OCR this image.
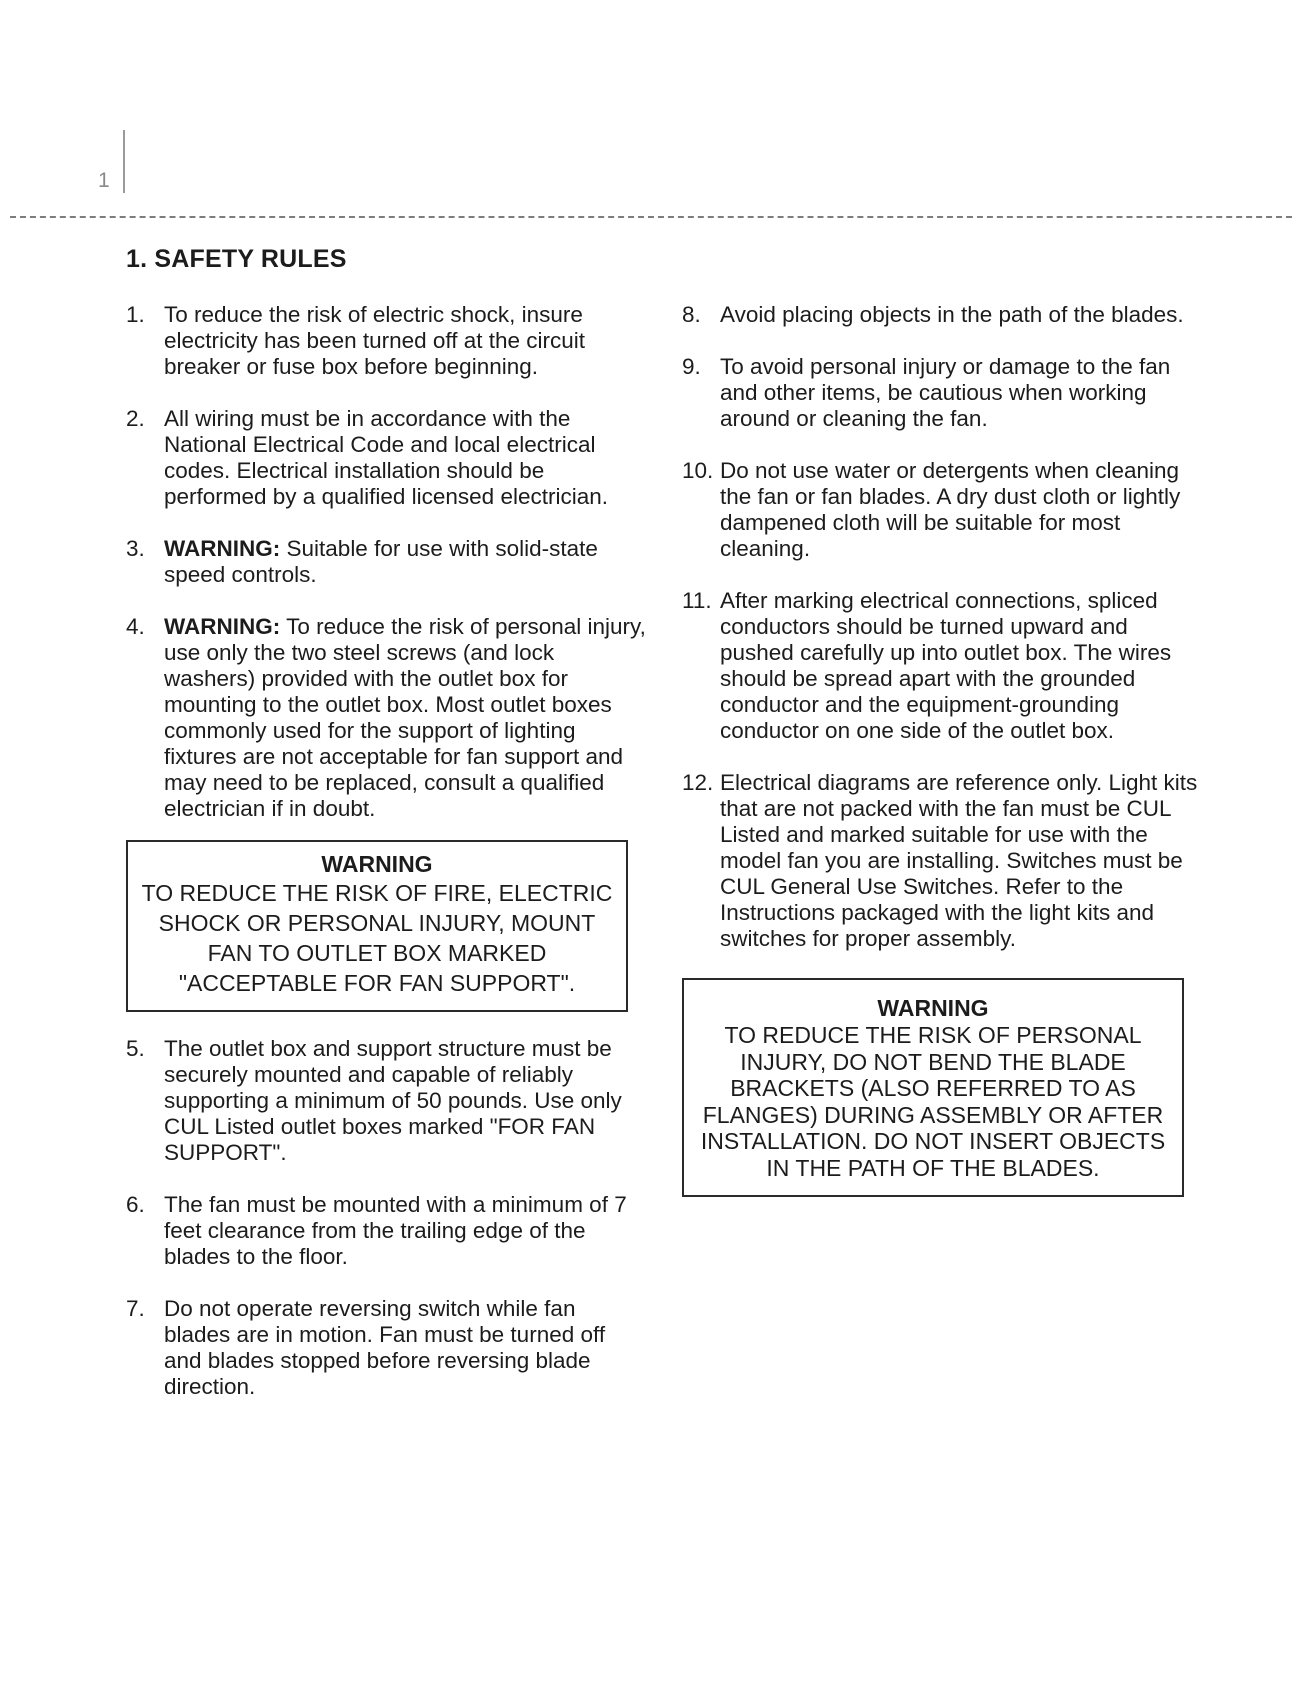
1
1. SAFETY RULES
1. To reduce the risk of electric shock, insure electricity has been turned off at the circuit breaker or fuse box before beginning.
2. All wiring must be in accordance with the National Electrical Code and local electrical codes. Electrical installation should be performed by a qualified licensed electrician.
3. WARNING: Suitable for use with solid-state speed controls.
4. WARNING: To reduce the risk of personal injury, use only the two steel screws (and lock washers) provided with the outlet box for mounting to the outlet box. Most outlet boxes commonly used for the support of lighting fixtures are not acceptable for fan support and may need to be replaced, consult a qualified electrician if in doubt.
WARNING
TO REDUCE THE RISK OF FIRE, ELECTRIC SHOCK OR PERSONAL INJURY, MOUNT FAN TO OUTLET BOX MARKED "ACCEPTABLE FOR FAN SUPPORT".
5. The outlet box and support structure must be securely mounted and capable of reliably supporting a minimum of 50 pounds. Use only CUL Listed outlet boxes marked "FOR FAN SUPPORT".
6. The fan must be mounted with a minimum of 7 feet clearance from the trailing edge of the blades to the floor.
7. Do not operate reversing switch while fan blades are in motion. Fan must be turned off and blades stopped before reversing blade direction.
8. Avoid placing objects in the path of the blades.
9. To avoid personal injury or damage to the fan and other items, be cautious when working around or cleaning the fan.
10. Do not use water or detergents when cleaning the fan or fan blades. A dry dust cloth or lightly dampened cloth will be suitable for most cleaning.
11. After marking electrical connections, spliced conductors should be turned upward and pushed carefully up into outlet box. The wires should be spread apart with the grounded conductor and the equipment-grounding conductor on one side of the outlet box.
12. Electrical diagrams are reference only. Light kits that are not packed with the fan must be CUL Listed and marked suitable for use with the model fan you are installing. Switches must be CUL General Use Switches. Refer to the Instructions packaged with the light kits and switches for proper assembly.
WARNING
TO REDUCE THE RISK OF PERSONAL INJURY, DO NOT BEND THE BLADE BRACKETS (ALSO REFERRED TO AS FLANGES) DURING ASSEMBLY OR AFTER INSTALLATION. DO NOT INSERT OBJECTS IN THE PATH OF THE BLADES.
